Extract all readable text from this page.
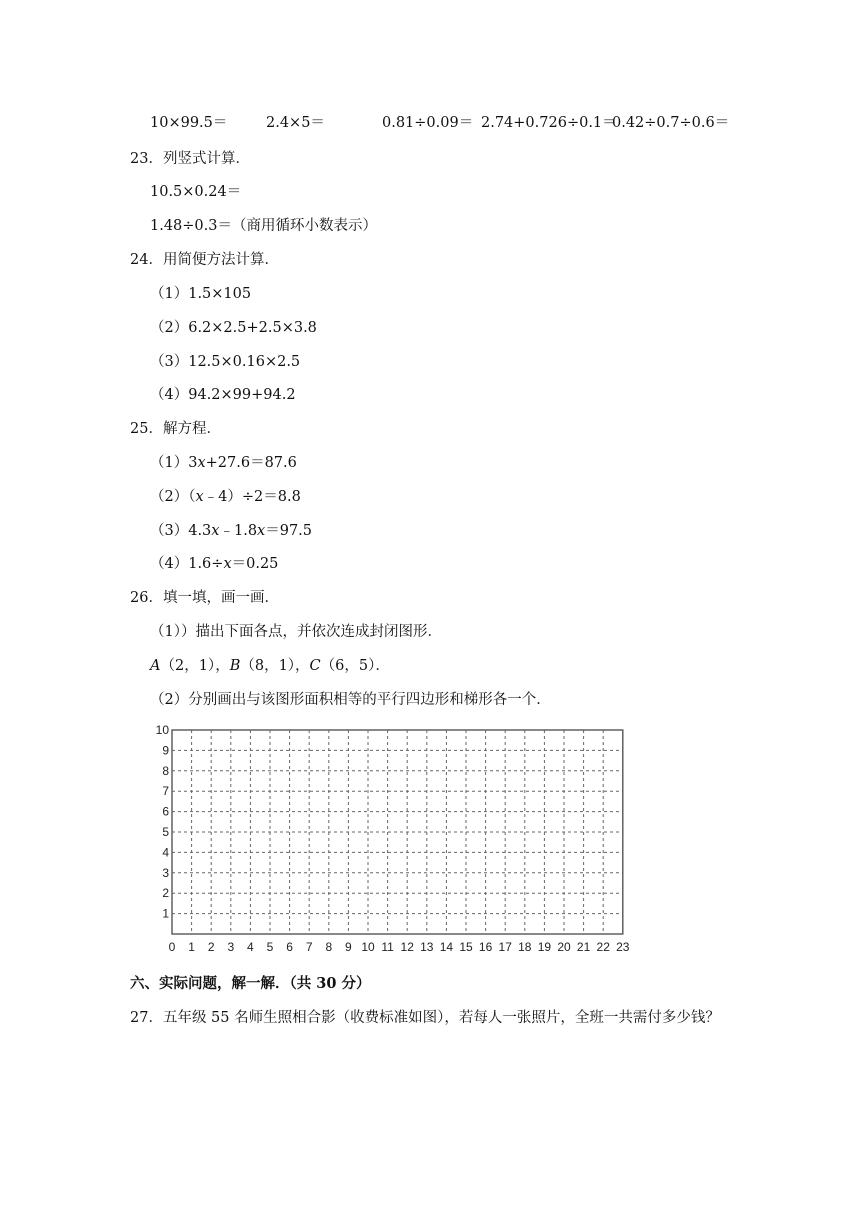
10×99.5＝	2.4×5＝	0.81÷0.09＝ 2.74+0.726÷0.1＝
0.42÷0.7÷0.6＝
23．列竖式计算．
10.5×0.24＝
1.48÷0.3＝（商用循环小数表示）
24．用简便方法计算．
（1）1.5×105
（2）6.2×2.5+2.5×3.8
（3）12.5×0.16×2.5
（4）94.2×99+94.2
25．解方程．
（1）3x+27.6＝87.6
（2）（x﹣4）÷2＝8.8
（3）4.3x﹣1.8x＝97.5
（4）1.6÷x＝0.25
26．填一填，画一画．
（1））描出下面各点，并依次连成封闭图形．
A（2，1），B（8，1），C（6，5）．
（2）分别画出与该图形面积相等的平行四边形和梯形各一个．
0 1 2 3 4 5 6 7 8 9 10 11 12 13 14 15 16 17 18 19 20 21 22 23
1
2
3
4
5
6
7
8
9
10
六、实际问题，解一解．（共 30 分）
27．五年级 55 名师生照相合影（收费标准如图），若每人一张照片，全班一共需付多少钱？
